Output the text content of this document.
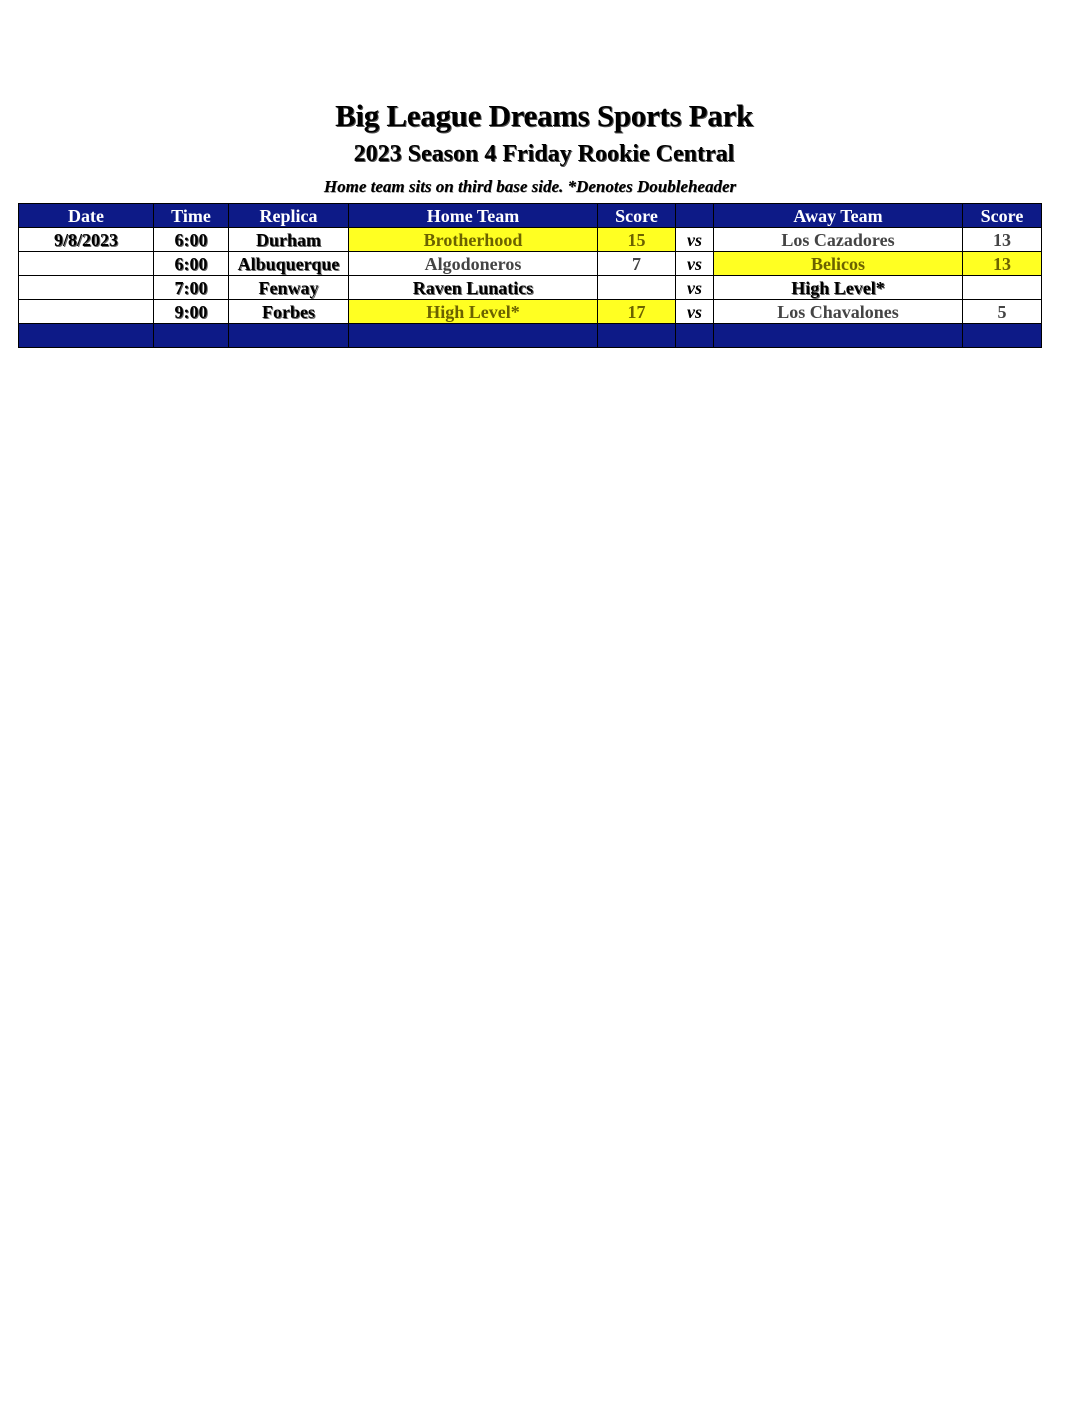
Big League Dreams Sports Park
2023 Season 4 Friday Rookie Central
Home team sits on third base side. *Denotes Doubleheader
Date	Time	Replica	Home Team	Score		Away Team	Score
9/8/2023	6:00	Durham	Brotherhood	15	vs	Los Cazadores	13
	6:00	Albuquerque	Algodoneros	7	vs	Belicos	13
	7:00	Fenway	Raven Lunatics		vs	High Level*	
	9:00	Forbes	High Level*	17	vs	Los Chavalones	5
